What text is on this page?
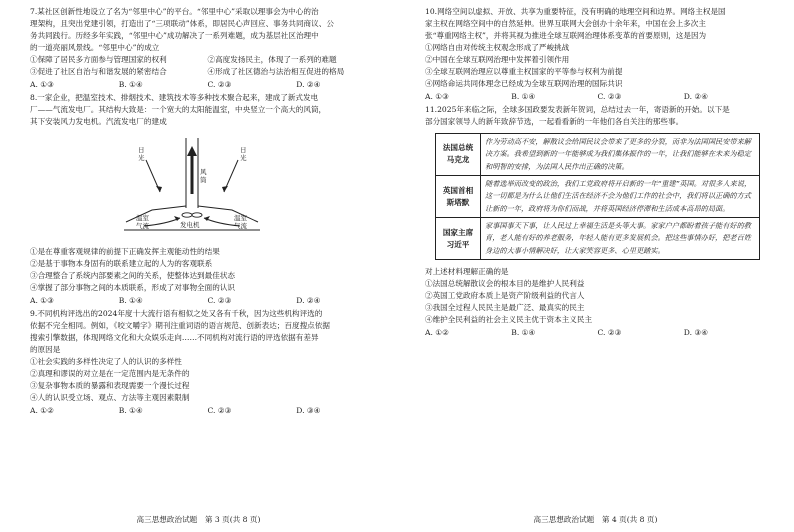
7.某社区创新性地设立了名为“邻里中心”的平台。“邻里中心”采取以理事会为中心的治

理架构，且突出党建引领，打造出了“三项联动”体系，即居民心声回应、事务共同商议、公

务共同践行。历经多年实践，“邻里中心”成功解决了一系列难题，成为基层社区治理中

的一道亮丽风景线。“邻里中心”的成立

①保障了居民多方面参与管理国家的权利	②高度发扬民主，体现了一系列的难题
③促进了社区自治与和谐发展的紧密结合	④形成了社区德治与法治相互促进的格局
A. ①③	B. ①④	C. ②③	D. ②④

8.一家企业，把温室技术、排烟技术、建筑技术等多种技术聚合起来，建成了新式发电

厂——气流发电厂。其结构大致是：一个宽大的太阳能温室，中央竖立一个高大的风筒，

其下安装风力发电机。汽流发电厂的建成

日
光
日
光
风
筒
温室
气流
温室
气流
发电机
①是在尊重客观规律的前提下正确发挥主观能动性的结果
②是基于事物本身固有的联系建立起的人为的客观联系
③合理整合了系统内部要素之间的关系，使整体达到最佳状态
④掌握了部分事物之间的本质联系，形成了对事物全面的认识
A. ①③	B. ①④	C. ②③	D. ②④

9.不同机构评选出的2024年度十大流行语有相似之处又各有千秋，因为这些机构评选的

依据不完全相同。例如，《咬文嚼字》期刊注重词语的语言规范、创新表达；百度搜点依据

搜索引擎数据，体现网络文化和大众娱乐走向……不同机构对流行语的评选依据有差异

的原因是

①社会实践的多样性决定了人的认识的多样性
②真理和谬误的对立是在一定范围内是无条件的
③复杂事物本质的暴露和表现需要一个漫长过程
④人的认识受立场、观点、方法等主观因素限制
A. ①②	B. ①④	C. ②③	D. ③④
高三思想政治试题　第 3 页(共 8 页)

10.网络空间以虚拟、开放、共享为重要特征，没有明确的地理空间和边界。网络主权是国

家主权在网络空间中的自然延伸。世界互联网大会创办十余年来，中国在会上多次主

张“尊重网络主权”，并将其视为推进全球互联网治理体系变革的首要原则，这是因为

①网络自由对传统主权观念形成了严峻挑战
②中国在全球互联网治理中发挥着引领作用
③全球互联网治理应以尊重主权国家的平等参与权利为前提
④网络命运共同体理念已经成为全球互联网治理的国际共识
A. ①③	B. ①④	C. ②③	D. ②④

11.2025年来临之际，全球多国政要发表新年贺词，总结过去一年，寄语新的开始。以下是

部分国家领导人的新年致辞节选，一起看看新的一年他们各自关注的那些事。

法国总统
马克龙	作为劳动高不安，解散议会给国民议会带来了更多的分裂，而非为法国国民安带来解决方案。我希望到新的一年能够成为我们集体振作的一年，让我们能够在未来为稳定和明智的安排，为法国人民作出正确的决策。

英国首相
斯塔默	随着选举而改变的政治，我们工党政府将开启新的一年“重建”英国。对很多人来说，这一切都是为什么让他们生活在经济不会为他们工作的社会中，我们将以正确的方式让新的一年，政府将为你们而战，并将英国经济停滞和生活成本高昂的局面。

国家主席
习近平	家事国事天下事，让人民过上幸福生活是头等大事。家家户户都盼着孩子能有好的教育，老人能有好的养老服务，年轻人能有更多发展机会。把这些事情办好，把老百姓身边的大事小情解决好，让大家笑容更多、心里更踏实。
对上述材料理解正确的是
①法国总统解散议会的根本目的是维护人民利益
②英国工党政府本质上是资产阶级利益的代言人
③我国全过程人民民主是最广泛、最真实的民主
④维护全民利益的社会主义民主优于资本主义民主
A. ①②	B. ①④	C. ②③	D. ③④
高三思想政治试题　第 4 页(共 8 页)
